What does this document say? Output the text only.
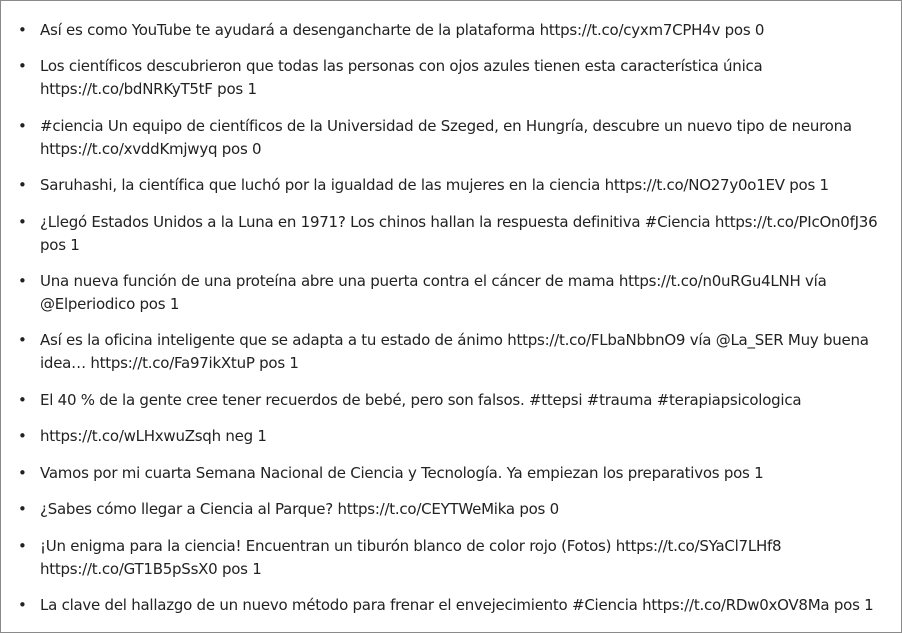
• Así es como YouTube te ayudará a desengancharte de la plataforma https://t.co/cyxm7CPH4v pos 0
• Los científicos descubrieron que todas las personas con ojos azules tienen esta característica única https://t.co/bdNRKyT5tF pos 1
• #ciencia Un equipo de científicos de la Universidad de Szeged, en Hungría, descubre un nuevo tipo de neurona https://t.co/xvddKmjwyq pos 0
• Saruhashi, la científica que luchó por la igualdad de las mujeres en la ciencia https://t.co/NO27y0o1EV pos 1
• ¿Llegó Estados Unidos a la Luna en 1971? Los chinos hallan la respuesta definitiva #Ciencia https://t.co/PIcOn0fJ36 pos 1
• Una nueva función de una proteína abre una puerta contra el cáncer de mama https://t.co/n0uRGu4LNH vía @Elperiodico pos 1
• Así es la oficina inteligente que se adapta a tu estado de ánimo https://t.co/FLbaNbbnO9 vía @La_SER Muy buena idea… https://t.co/Fa97ikXtuP pos 1
• El 40 % de la gente cree tener recuerdos de bebé, pero son falsos. #ttepsi #trauma #terapiapsicologica
• https://t.co/wLHxwuZsqh neg 1
• Vamos por mi cuarta Semana Nacional de Ciencia y Tecnología. Ya empiezan los preparativos pos 1
• ¿Sabes cómo llegar a Ciencia al Parque? https://t.co/CEYTWeMika pos 0
• ¡Un enigma para la ciencia! Encuentran un tiburón blanco de color rojo (Fotos) https://t.co/SYaCl7LHf8 https://t.co/GT1B5pSsX0 pos 1
• La clave del hallazgo de un nuevo método para frenar el envejecimiento #Ciencia https://t.co/RDw0xOV8Ma pos 1
